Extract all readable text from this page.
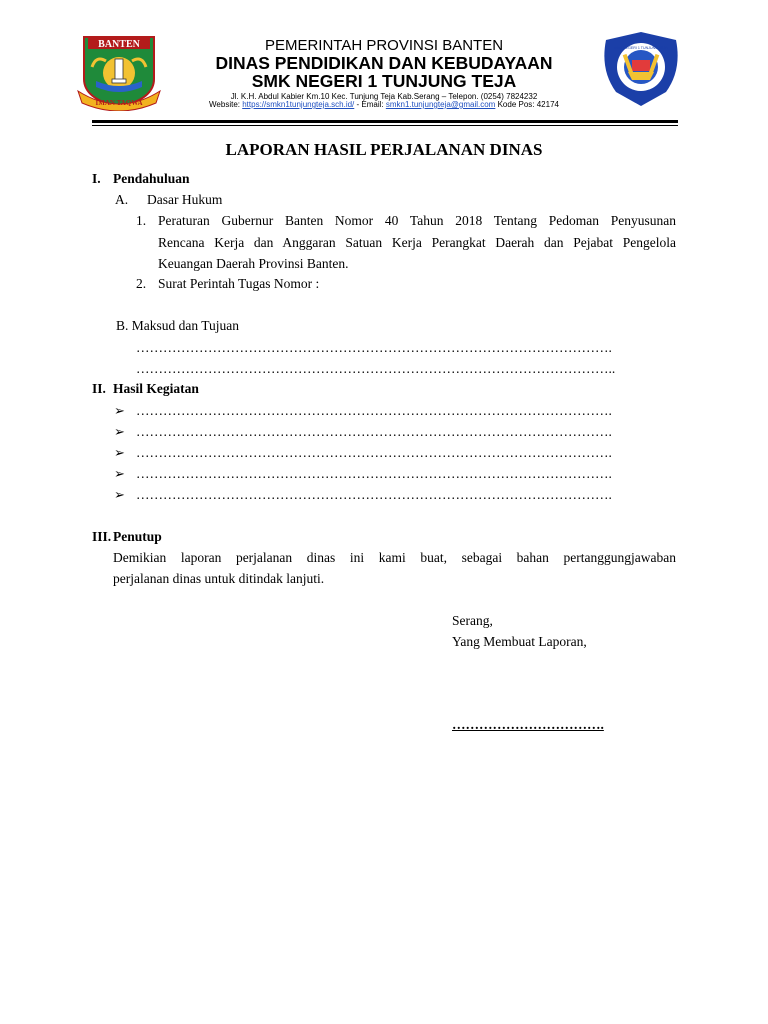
BANTEN
IMAN TAQWA
SMK NEGERI 1 TUNJUNG TEJA
PEMERINTAH PROVINSI BANTEN
DINAS PENDIDIKAN DAN KEBUDAYAAN
SMK NEGERI 1 TUNJUNG TEJA
Jl. K.H. Abdul Kabier Km.10 Kec. Tunjung Teja Kab.Serang – Telepon. (0254) 7824232
Website: https://smkn1tunjungteja.sch.id/ - Email: smkn1.tunjungteja@gmail.com Kode Pos: 42174
LAPORAN HASIL PERJALANAN DINAS
I. Pendahuluan
A. Dasar Hukum
1. Peraturan Gubernur Banten Nomor 40 Tahun 2018 Tentang Pedoman Penyusunan
Rencana Kerja dan Anggaran Satuan Kerja Perangkat Daerah dan Pejabat Pengelola
Keuangan Daerah Provinsi Banten.
2. Surat Perintah Tugas Nomor :
B. Maksud dan Tujuan
…………………………………………………………………………………………….
……………………………………………………………………………………………..
II. Hasil Kegiatan
➢ …………………………………………………………………………………………….
➢ …………………………………………………………………………………………….
➢ …………………………………………………………………………………………….
➢ …………………………………………………………………………………………….
➢ …………………………………………………………………………………………….
III. Penutup
Demikian laporan perjalanan dinas ini kami buat, sebagai bahan pertanggungjawaban
perjalanan dinas untuk ditindak lanjuti.
Serang,
Yang Membuat Laporan,
…………………………….
